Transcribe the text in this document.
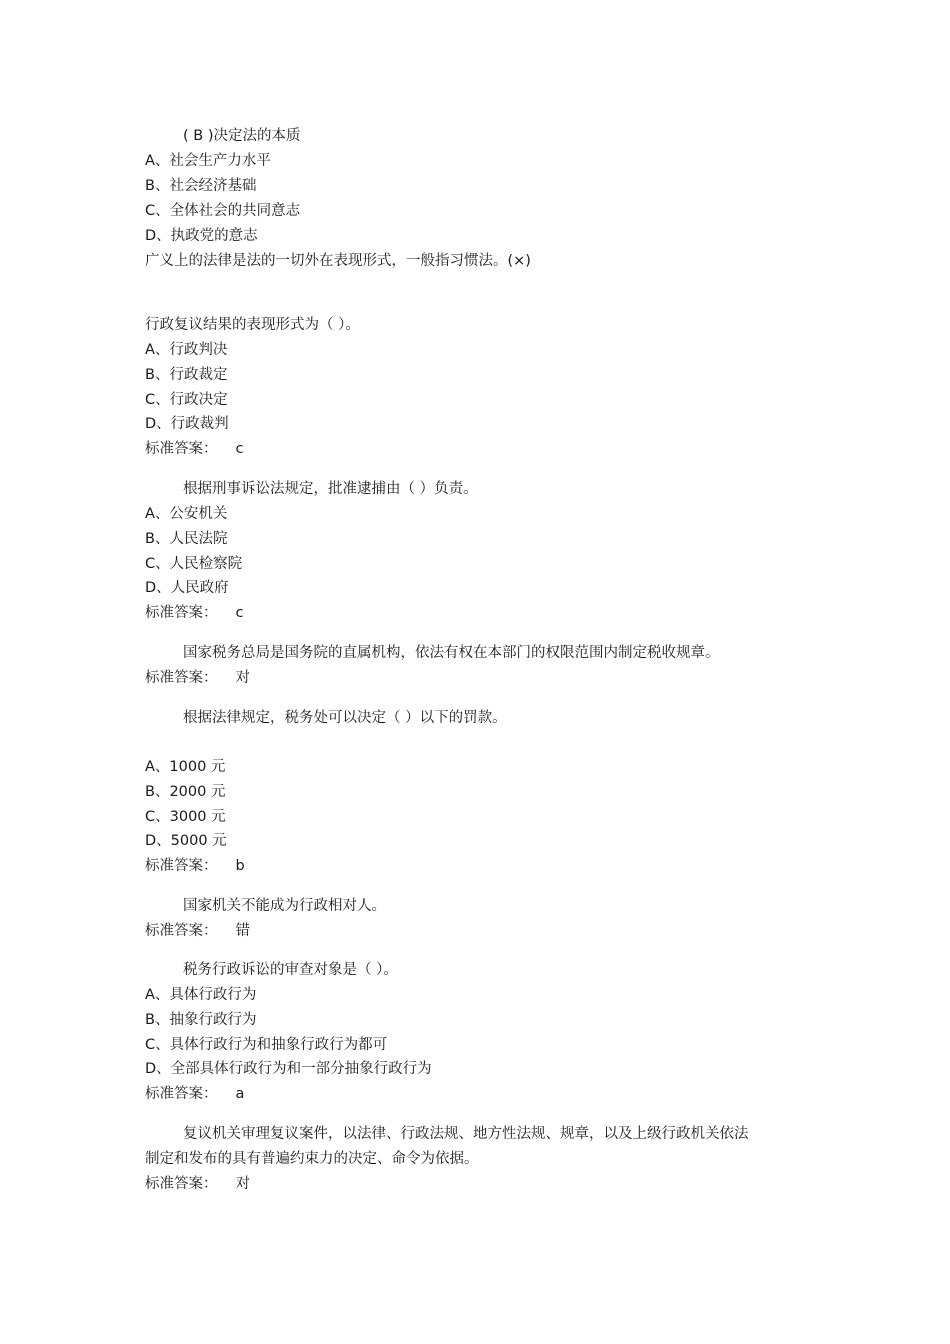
( B )决定法的本质
A、社会生产力水平
B、社会经济基础
C、全体社会的共同意志
D、执政党的意志
广义上的法律是法的一切外在表现形式，一般指习惯法。(×)
行政复议结果的表现形式为（ ）。
A、行政判决
B、行政裁定
C、行政决定
D、行政裁判
标准答案： c
根据刑事诉讼法规定，批准逮捕由（ ）负责。
A、公安机关
B、人民法院
C、人民检察院
D、人民政府
标准答案： c
国家税务总局是国务院的直属机构，依法有权在本部门的权限范围内制定税收规章。
标准答案： 对
根据法律规定，税务处可以决定（ ）以下的罚款。
A、1000 元
B、2000 元
C、3000 元
D、5000 元
标准答案： b
国家机关不能成为行政相对人。
标准答案： 错
税务行政诉讼的审查对象是（ ）。
A、具体行政行为
B、抽象行政行为
C、具体行政行为和抽象行政行为都可
D、全部具体行政行为和一部分抽象行政行为
标准答案： a
复议机关审理复议案件，以法律、行政法规、地方性法规、规章，以及上级行政机关依法
制定和发布的具有普遍约束力的决定、命令为依据。
标准答案： 对
